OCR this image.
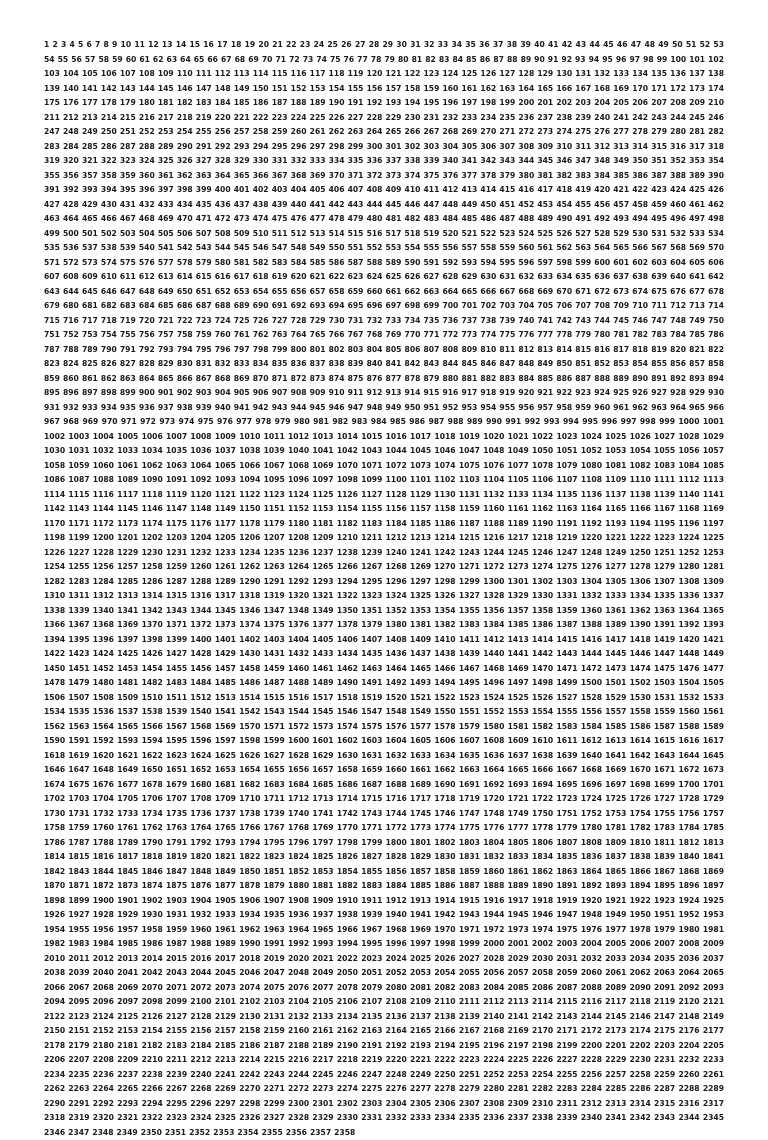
1 2 3 4 5 6 7 8 9 10 11 12 13 14 15 16 17 18 19 20 21 22 23 24 25 26 27 28 29 30 31 32 33 34 35 36 37 38 39 40 41 42 43 44 45 46 47 48 49 50 51 52 53 54 55 56 57 58 59 60 61 62 63 64 65 66 67 68 69 70 71 72 73 74 75 76 77 78 79 80 81 82 83 84 85 86 87 88 89 90 91 92 93 94 95 96 97 98 99 100 101 102 103 104 105 106 107 108 109 110 111 112 113 114 115 116 117 118 119 120 121 122 123 124 125 126 127 128 129 130 131 132 133 134 135 136 137 138 139 140 141 142 143 144 145 146 147 148 149 150 151 152 153 154 155 156 157 158 159 160 161 162 163 164 165 166 167 168 169 170 171 172 173 174 175 176 177 178 179 180 181 182 183 184 185 186 187 188 189 190 191 192 193 194 195 196 197 198 199 200 201 202 203 204 205 206 207 208 209 210 211 212 213 214 215 216 217 218 219 220 221 222 223 224 225 226 227 228 229 230 231 232 233 234 235 236 237 238 239 240 241 242 243 244 245 246 247 248 249 250 251 252 253 254 255 256 257 258 259 260 261 262 263 264 265 266 267 268 269 270 271 272 273 274 275 276 277 278 279 280 281 282 283 284 285 286 287 288 289 290 291 292 293 294 295 296 297 298 299 300 301 302 303 304 305 306 307 308 309 310 311 312 313 314 315 316 317 318 319 320 321 322 323 324 325 326 327 328 329 330 331 332 333 334 335 336 337 338 339 340 341 342 343 344 345 346 347 348 349 350 351 352 353 354 355 356 357 358 359 360 361 362 363 364 365 366 367 368 369 370 371 372 373 374 375 376 377 378 379 380 381 382 383 384 385 386 387 388 389 390 391 392 393 394 395 396 397 398 399 400 401 402 403 404 405 406 407 408 409 410 411 412 413 414 415 416 417 418 419 420 421 422 423 424 425 426 427 428 429 430 431 432 433 434 435 436 437 438 439 440 441 442 443 444 445 446 447 448 449 450 451 452 453 454 455 456 457 458 459 460 461 462 463 464 465 466 467 468 469 470 471 472 473 474 475 476 477 478 479 480 481 482 483 484 485 486 487 488 489 490 491 492 493 494 495 496 497 498 499 500 501 502 503 504 505 506 507 508 509 510 511 512 513 514 515 516 517 518 519 520 521 522 523 524 525 526 527 528 529 530 531 532 533 534 535 536 537 538 539 540 541 542 543 544 545 546 547 548 549 550 551 552 553 554 555 556 557 558 559 560 561 562 563 564 565 566 567 568 569 570 571 572 573 574 575 576 577 578 579 580 581 582 583 584 585 586 587 588 589 590 591 592 593 594 595 596 597 598 599 600 601 602 603 604 605 606 607 608 609 610 611 612 613 614 615 616 617 618 619 620 621 622 623 624 625 626 627 628 629 630 631 632 633 634 635 636 637 638 639 640 641 642 643 644 645 646 647 648 649 650 651 652 653 654 655 656 657 658 659 660 661 662 663 664 665 666 667 668 669 670 671 672 673 674 675 676 677 678 679 680 681 682 683 684 685 686 687 688 689 690 691 692 693 694 695 696 697 698 699 700 701 702 703 704 705 706 707 708 709 710 711 712 713 714 715 716 717 718 719 720 721 722 723 724 725 726 727 728 729 730 731 732 733 734 735 736 737 738 739 740 741 742 743 744 745 746 747 748 749 750 751 752 753 754 755 756 757 758 759 760 761 762 763 764 765 766 767 768 769 770 771 772 773 774 775 776 777 778 779 780 781 782 783 784 785 786 787 788 789 790 791 792 793 794 795 796 797 798 799 800 801 802 803 804 805 806 807 808 809 810 811 812 813 814 815 816 817 818 819 820 821 822 823 824 825 826 827 828 829 830 831 832 833 834 835 836 837 838 839 840 841 842 843 844 845 846 847 848 849 850 851 852 853 854 855 856 857 858 859 860 861 862 863 864 865 866 867 868 869 870 871 872 873 874 875 876 877 878 879 880 881 882 883 884 885 886 887 888 889 890 891 892 893 894 895 896 897 898 899 900 901 902 903 904 905 906 907 908 909 910 911 912 913 914 915 916 917 918 919 920 921 922 923 924 925 926 927 928 929 930 931 932 933 934 935 936 937 938 939 940 941 942 943 944 945 946 947 948 949 950 951 952 953 954 955 956 957 958 959 960 961 962 963 964 965 966 967 968 969 970 971 972 973 974 975 976 977 978 979 980 981 982 983 984 985 986 987 988 989 990 991 992 993 994 995 996 997 998 999 1000 1001 1002 1003 1004 1005 1006 1007 1008 1009 1010 1011 1012 1013 1014 1015 1016 1017 1018 1019 1020 1021 1022 1023 1024 1025 1026 1027 1028 1029 1030 1031 1032 1033 1034 1035 1036 1037 1038 1039 1040 1041 1042 1043 1044 1045 1046 1047 1048 1049 1050 1051 1052 1053 1054 1055 1056 1057 1058 1059 1060 1061 1062 1063 1064 1065 1066 1067 1068 1069 1070 1071 1072 1073 1074 1075 1076 1077 1078 1079 1080 1081 1082 1083 1084 1085 1086 1087 1088 1089 1090 1091 1092 1093 1094 1095 1096 1097 1098 1099 1100 1101 1102 1103 1104 1105 1106 1107 1108 1109 1110 1111 1112 1113 1114 1115 1116 1117 1118 1119 1120 1121 1122 1123 1124 1125 1126 1127 1128 1129 1130 1131 1132 1133 1134 1135 1136 1137 1138 1139 1140 1141 1142 1143 1144 1145 1146 1147 1148 1149 1150 1151 1152 1153 1154 1155 1156 1157 1158 1159 1160 1161 1162 1163 1164 1165 1166 1167 1168 1169 1170 1171 1172 1173 1174 1175 1176 1177 1178 1179 1180 1181 1182 1183 1184 1185 1186 1187 1188 1189 1190 1191 1192 1193 1194 1195 1196 1197 1198 1199 1200 1201 1202 1203 1204 1205 1206 1207 1208 1209 1210 1211 1212 1213 1214 1215 1216 1217 1218 1219 1220 1221 1222 1223 1224 1225 1226 1227 1228 1229 1230 1231 1232 1233 1234 1235 1236 1237 1238 1239 1240 1241 1242 1243 1244 1245 1246 1247 1248 1249 1250 1251 1252 1253 1254 1255 1256 1257 1258 1259 1260 1261 1262 1263 1264 1265 1266 1267 1268 1269 1270 1271 1272 1273 1274 1275 1276 1277 1278 1279 1280 1281 1282 1283 1284 1285 1286 1287 1288 1289 1290 1291 1292 1293 1294 1295 1296 1297 1298 1299 1300 1301 1302 1303 1304 1305 1306 1307 1308 1309 1310 1311 1312 1313 1314 1315 1316 1317 1318 1319 1320 1321 1322 1323 1324 1325 1326 1327 1328 1329 1330 1331 1332 1333 1334 1335 1336 1337 1338 1339 1340 1341 1342 1343 1344 1345 1346 1347 1348 1349 1350 1351 1352 1353 1354 1355 1356 1357 1358 1359 1360 1361 1362 1363 1364 1365 1366 1367 1368 1369 1370 1371 1372 1373 1374 1375 1376 1377 1378 1379 1380 1381 1382 1383 1384 1385 1386 1387 1388 1389 1390 1391 1392 1393 1394 1395 1396 1397 1398 1399 1400 1401 1402 1403 1404 1405 1406 1407 1408 1409 1410 1411 1412 1413 1414 1415 1416 1417 1418 1419 1420 1421 1422 1423 1424 1425 1426 1427 1428 1429 1430 1431 1432 1433 1434 1435 1436 1437 1438 1439 1440 1441 1442 1443 1444 1445 1446 1447 1448 1449 1450 1451 1452 1453 1454 1455 1456 1457 1458 1459 1460 1461 1462 1463 1464 1465 1466 1467 1468 1469 1470 1471 1472 1473 1474 1475 1476 1477 1478 1479 1480 1481 1482 1483 1484 1485 1486 1487 1488 1489 1490 1491 1492 1493 1494 1495 1496 1497 1498 1499 1500 1501 1502 1503 1504 1505 1506 1507 1508 1509 1510 1511 1512 1513 1514 1515 1516 1517 1518 1519 1520 1521 1522 1523 1524 1525 1526 1527 1528 1529 1530 1531 1532 1533 1534 1535 1536 1537 1538 1539 1540 1541 1542 1543 1544 1545 1546 1547 1548 1549 1550 1551 1552 1553 1554 1555 1556 1557 1558 1559 1560 1561 1562 1563 1564 1565 1566 1567 1568 1569 1570 1571 1572 1573 1574 1575 1576 1577 1578 1579 1580 1581 1582 1583 1584 1585 1586 1587 1588 1589 1590 1591 1592 1593 1594 1595 1596 1597 1598 1599 1600 1601 1602 1603 1604 1605 1606 1607 1608 1609 1610 1611 1612 1613 1614 1615 1616 1617 1618 1619 1620 1621 1622 1623 1624 1625 1626 1627 1628 1629 1630 1631 1632 1633 1634 1635 1636 1637 1638 1639 1640 1641 1642 1643 1644 1645 1646 1647 1648 1649 1650 1651 1652 1653 1654 1655 1656 1657 1658 1659 1660 1661 1662 1663 1664 1665 1666 1667 1668 1669 1670 1671 1672 1673 1674 1675 1676 1677 1678 1679 1680 1681 1682 1683 1684 1685 1686 1687 1688 1689 1690 1691 1692 1693 1694 1695 1696 1697 1698 1699 1700 1701 1702 1703 1704 1705 1706 1707 1708 1709 1710 1711 1712 1713 1714 1715 1716 1717 1718 1719 1720 1721 1722 1723 1724 1725 1726 1727 1728 1729 1730 1731 1732 1733 1734 1735 1736 1737 1738 1739 1740 1741 1742 1743 1744 1745 1746 1747 1748 1749 1750 1751 1752 1753 1754 1755 1756 1757 1758 1759 1760 1761 1762 1763 1764 1765 1766 1767 1768 1769 1770 1771 1772 1773 1774 1775 1776 1777 1778 1779 1780 1781 1782 1783 1784 1785 1786 1787 1788 1789 1790 1791 1792 1793 1794 1795 1796 1797 1798 1799 1800 1801 1802 1803 1804 1805 1806 1807 1808 1809 1810 1811 1812 1813 1814 1815 1816 1817 1818 1819 1820 1821 1822 1823 1824 1825 1826 1827 1828 1829 1830 1831 1832 1833 1834 1835 1836 1837 1838 1839 1840 1841 1842 1843 1844 1845 1846 1847 1848 1849 1850 1851 1852 1853 1854 1855 1856 1857 1858 1859 1860 1861 1862 1863 1864 1865 1866 1867 1868 1869 1870 1871 1872 1873 1874 1875 1876 1877 1878 1879 1880 1881 1882 1883 1884 1885 1886 1887 1888 1889 1890 1891 1892 1893 1894 1895 1896 1897 1898 1899 1900 1901 1902 1903 1904 1905 1906 1907 1908 1909 1910 1911 1912 1913 1914 1915 1916 1917 1918 1919 1920 1921 1922 1923 1924 1925 1926 1927 1928 1929 1930 1931 1932 1933 1934 1935 1936 1937 1938 1939 1940 1941 1942 1943 1944 1945 1946 1947 1948 1949 1950 1951 1952 1953 1954 1955 1956 1957 1958 1959 1960 1961 1962 1963 1964 1965 1966 1967 1968 1969 1970 1971 1972 1973 1974 1975 1976 1977 1978 1979 1980 1981 1982 1983 1984 1985 1986 1987 1988 1989 1990 1991 1992 1993 1994 1995 1996 1997 1998 1999 2000 2001 2002 2003 2004 2005 2006 2007 2008 2009 2010 2011 2012 2013 2014 2015 2016 2017 2018 2019 2020 2021 2022 2023 2024 2025 2026 2027 2028 2029 2030 2031 2032 2033 2034 2035 2036 2037 2038 2039 2040 2041 2042 2043 2044 2045 2046 2047 2048 2049 2050 2051 2052 2053 2054 2055 2056 2057 2058 2059 2060 2061 2062 2063 2064 2065 2066 2067 2068 2069 2070 2071 2072 2073 2074 2075 2076 2077 2078 2079 2080 2081 2082 2083 2084 2085 2086 2087 2088 2089 2090 2091 2092 2093 2094 2095 2096 2097 2098 2099 2100 2101 2102 2103 2104 2105 2106 2107 2108 2109 2110 2111 2112 2113 2114 2115 2116 2117 2118 2119 2120 2121 2122 2123 2124 2125 2126 2127 2128 2129 2130 2131 2132 2133 2134 2135 2136 2137 2138 2139 2140 2141 2142 2143 2144 2145 2146 2147 2148 2149 2150 2151 2152 2153 2154 2155 2156 2157 2158 2159 2160 2161 2162 2163 2164 2165 2166 2167 2168 2169 2170 2171 2172 2173 2174 2175 2176 2177 2178 2179 2180 2181 2182 2183 2184 2185 2186 2187 2188 2189 2190 2191 2192 2193 2194 2195 2196 2197 2198 2199 2200 2201 2202 2203 2204 2205 2206 2207 2208 2209 2210 2211 2212 2213 2214 2215 2216 2217 2218 2219 2220 2221 2222 2223 2224 2225 2226 2227 2228 2229 2230 2231 2232 2233 2234 2235 2236 2237 2238 2239 2240 2241 2242 2243 2244 2245 2246 2247 2248 2249 2250 2251 2252 2253 2254 2255 2256 2257 2258 2259 2260 2261 2262 2263 2264 2265 2266 2267 2268 2269 2270 2271 2272 2273 2274 2275 2276 2277 2278 2279 2280 2281 2282 2283 2284 2285 2286 2287 2288 2289 2290 2291 2292 2293 2294 2295 2296 2297 2298 2299 2300 2301 2302 2303 2304 2305 2306 2307 2308 2309 2310 2311 2312 2313 2314 2315 2316 2317 2318 2319 2320 2321 2322 2323 2324 2325 2326 2327 2328 2329 2330 2331 2332 2333 2334 2335 2336 2337 2338 2339 2340 2341 2342 2343 2344 2345 2346 2347 2348 2349 2350 2351 2352 2353 2354 2355 2356 2357 2358
